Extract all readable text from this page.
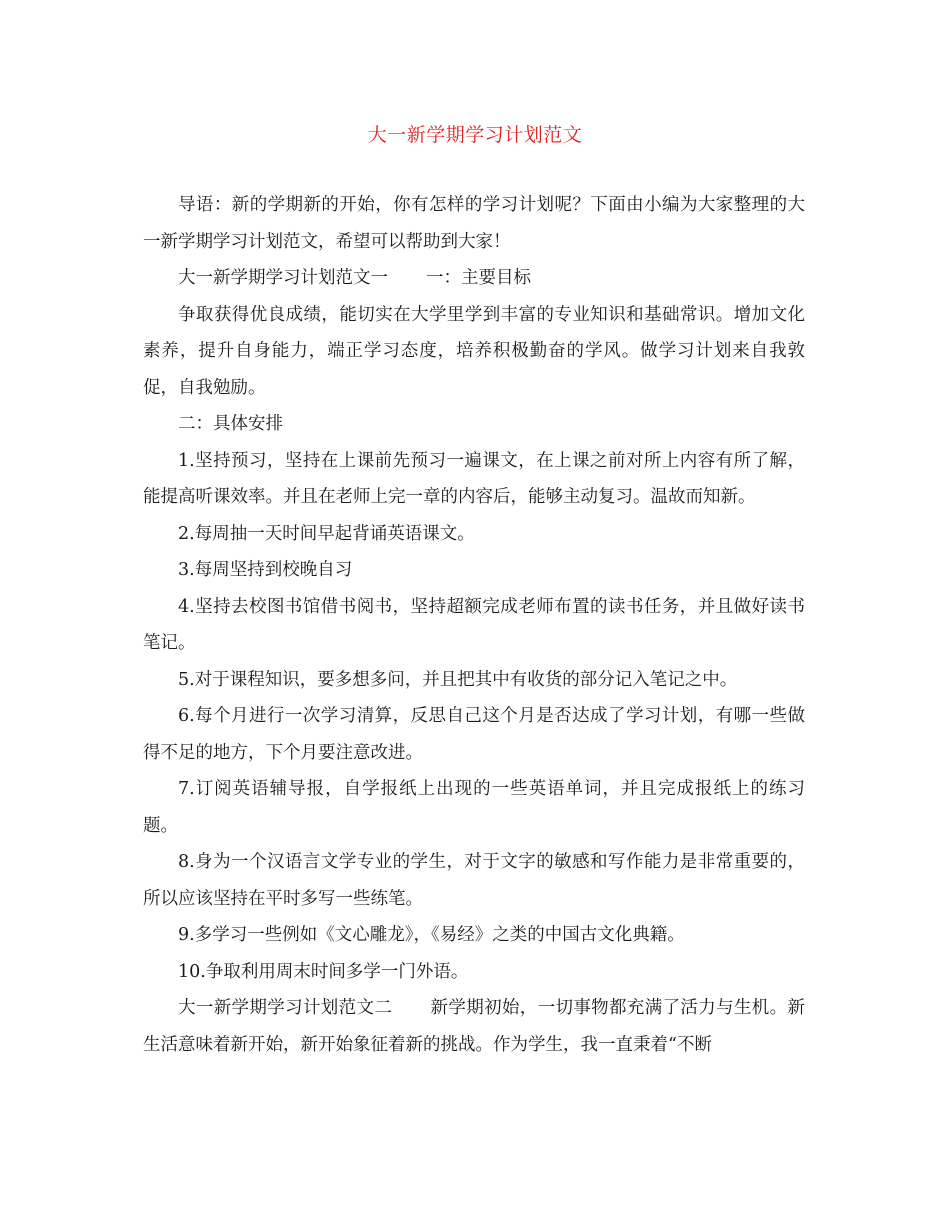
大一新学期学习计划范文

导语：新的学期新的开始，你有怎样的学习计划呢？下面由小编为大家整理的大一新学期学习计划范文，希望可以帮助到大家！

大一新学期学习计划范文一 一：主要目标

争取获得优良成绩，能切实在大学里学到丰富的专业知识和基础常识。增加文化素养，提升自身能力，端正学习态度，培养积极勤奋的学风。做学习计划来自我敦促，自我勉励。

二：具体安排

1.坚持预习，坚持在上课前先预习一遍课文，在上课之前对所上内容有所了解，能提高听课效率。并且在老师上完一章的内容后，能够主动复习。温故而知新。

2.每周抽一天时间早起背诵英语课文。

3.每周坚持到校晚自习

4.坚持去校图书馆借书阅书，坚持超额完成老师布置的读书任务，并且做好读书笔记。

5.对于课程知识，要多想多问，并且把其中有收货的部分记入笔记之中。

6.每个月进行一次学习清算，反思自己这个月是否达成了学习计划，有哪一些做得不足的地方，下个月要注意改进。

7.订阅英语辅导报，自学报纸上出现的一些英语单词，并且完成报纸上的练习题。

8.身为一个汉语言文学专业的学生，对于文字的敏感和写作能力是非常重要的，所以应该坚持在平时多写一些练笔。

9.多学习一些例如《文心雕龙》，《易经》之类的中国古文化典籍。

10.争取利用周末时间多学一门外语。

大一新学期学习计划范文二 新学期初始，一切事物都充满了活力与生机。新生活意味着新开始，新开始象征着新的挑战。作为学生，我一直秉着“不断
